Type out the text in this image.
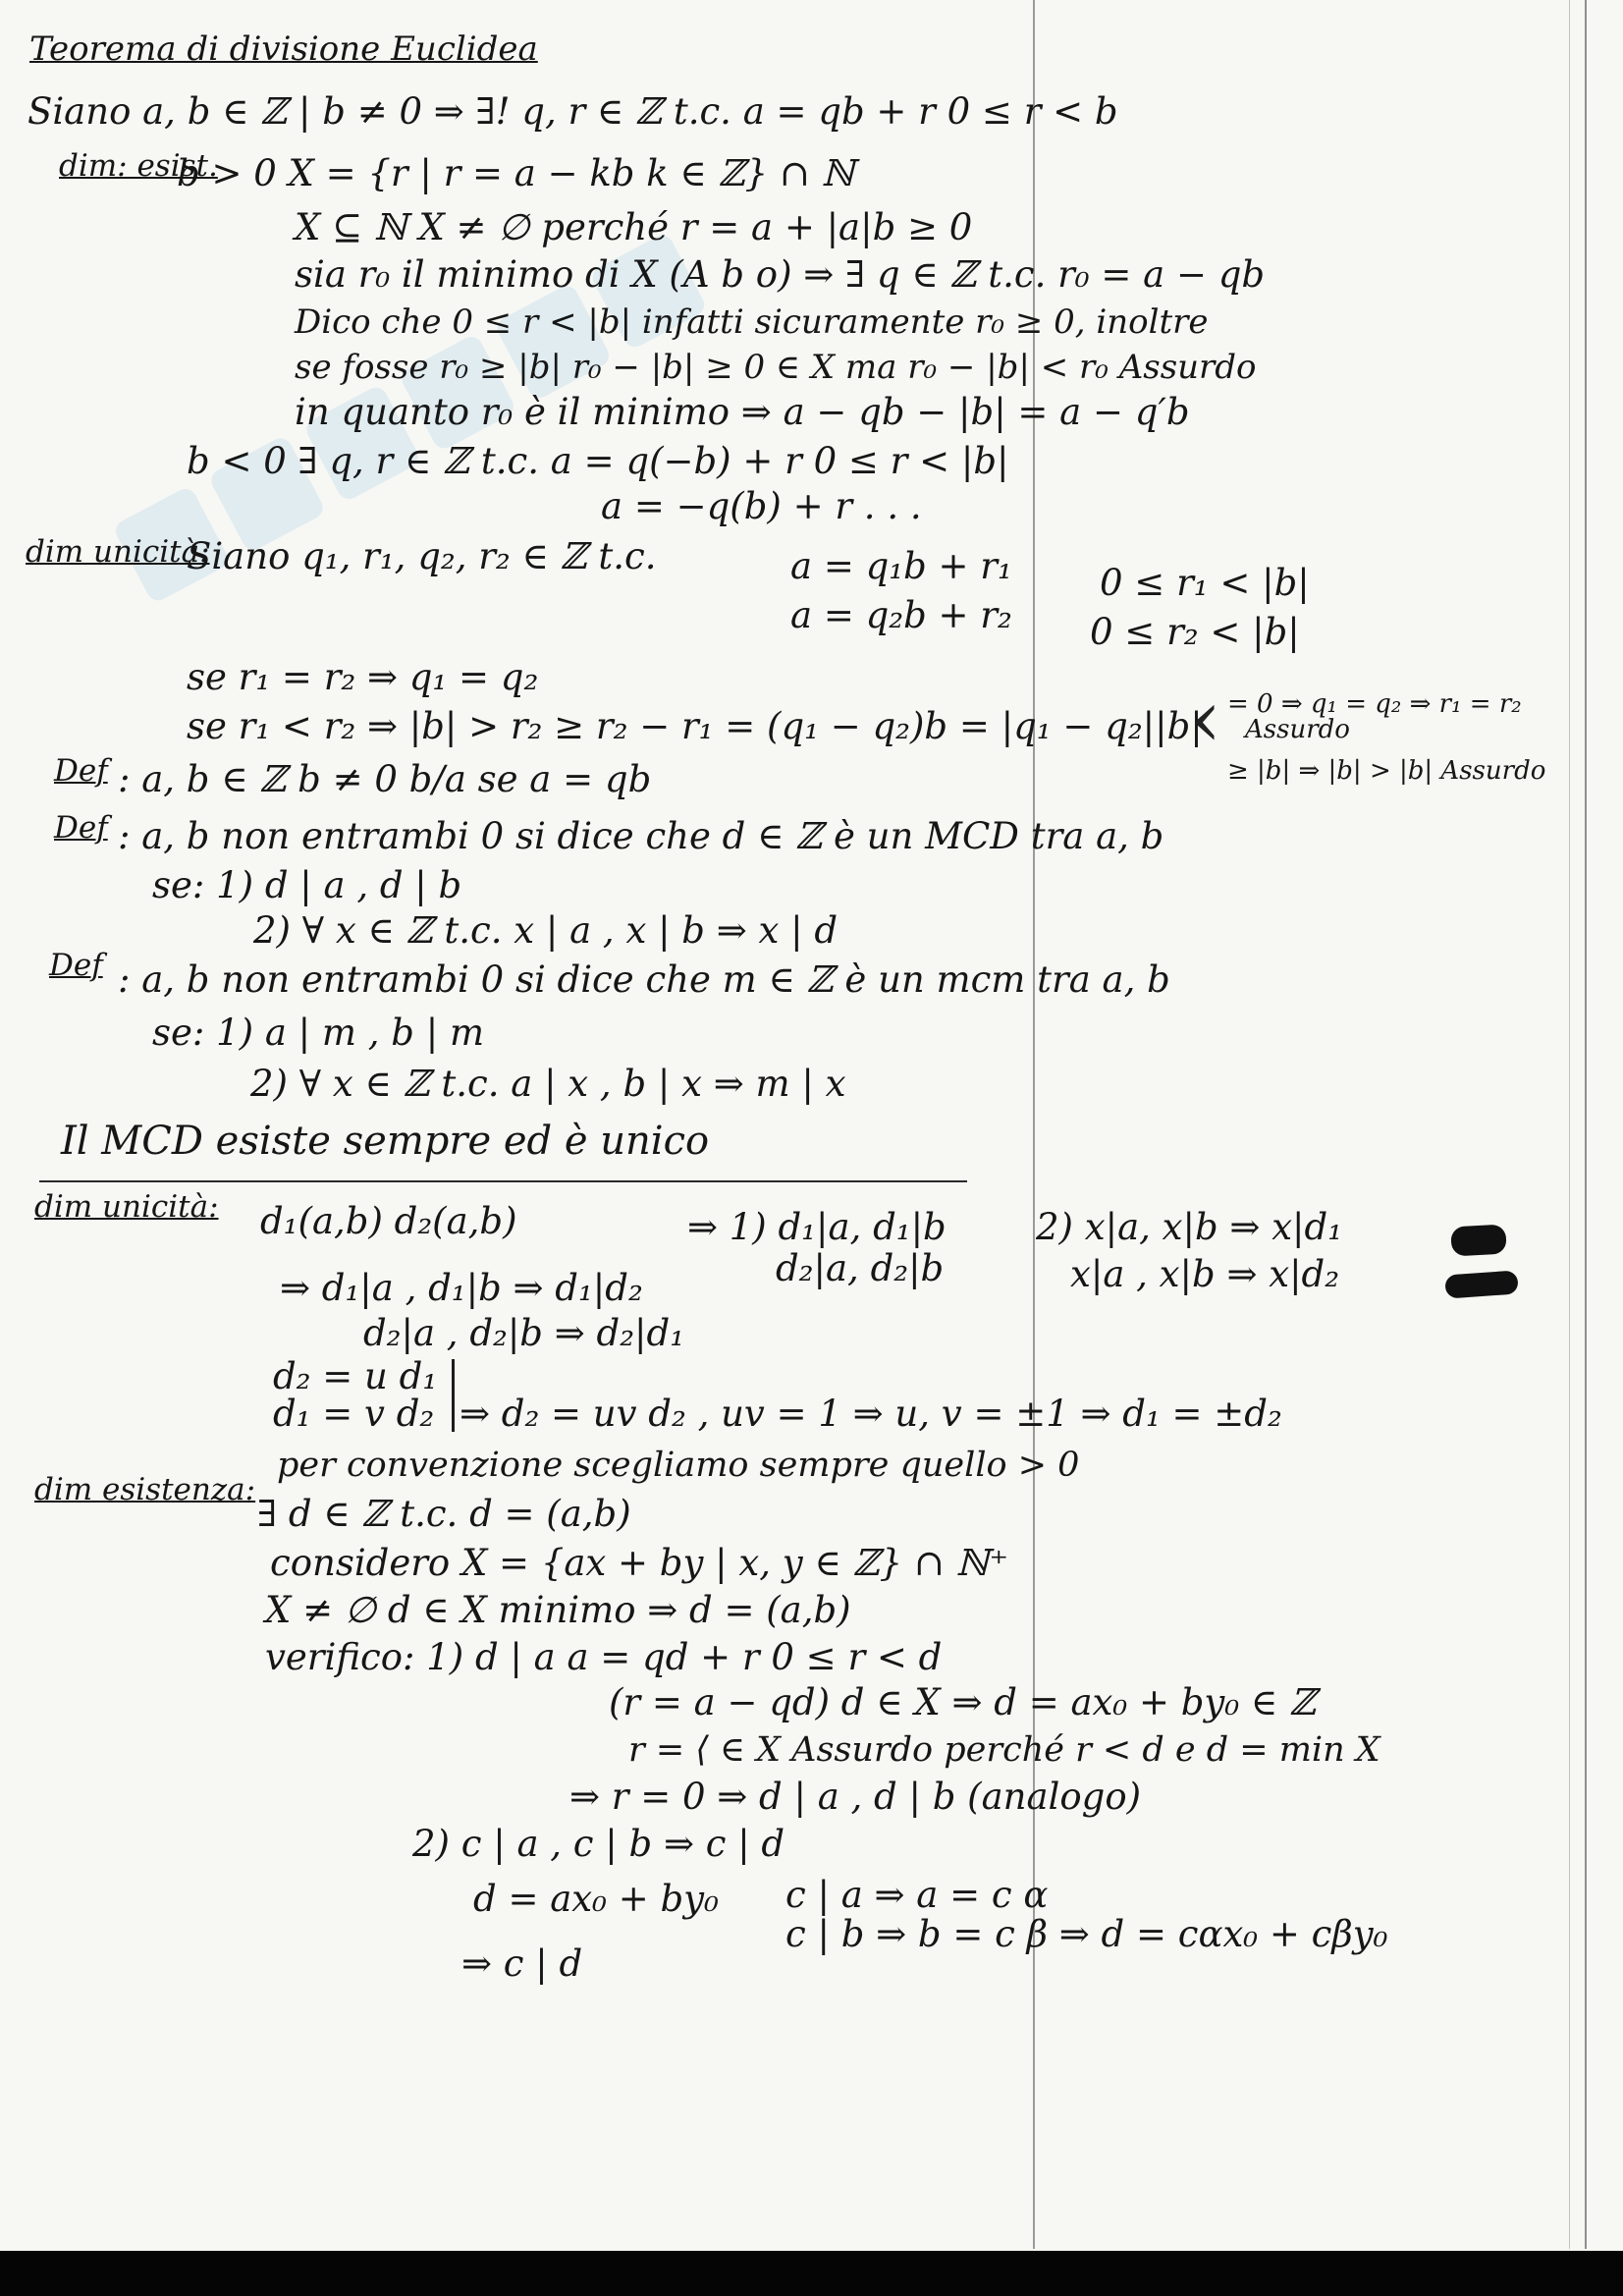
Teorema di divisione Euclidea
Siano a, b ∈ ℤ | b ≠ 0 ⇒ ∃! q, r ∈ ℤ t.c. a = qb + r 0 ≤ r < b
dim: esist.
b > 0 X = {r | r = a − kb k ∈ ℤ} ∩ ℕ
X ⊆ ℕ X ≠ ∅ perché r = a + |a|b ≥ 0
sia r₀ il minimo di X (A b o) ⇒ ∃ q ∈ ℤ t.c. r₀ = a − qb
Dico che 0 ≤ r < |b| infatti sicuramente r₀ ≥ 0, inoltre
se fosse r₀ ≥ |b| r₀ − |b| ≥ 0 ∈ X ma r₀ − |b| < r₀ Assurdo
in quanto r₀ è il minimo ⇒ a − qb − |b| = a − q′b
b < 0 ∃ q, r ∈ ℤ t.c. a = q(−b) + r 0 ≤ r < |b|
a = −q(b) + r . . .
dim unicità:
Siano q₁, r₁, q₂, r₂ ∈ ℤ t.c.	a = q₁b + r₁
a = q₂b + r₂
0 ≤ r₁ < |b|
0 ≤ r₂ < |b|
se r₁ = r₂ ⇒ q₁ = q₂
se r₁ < r₂ ⇒ |b| > r₂ ≥ r₂ − r₁ = (q₁ − q₂)b = |q₁ − q₂||b|
‹ = 0 ⇒ q₁ = q₂ ⇒ r₁ = r₂
Assurdo
≥ |b| ⇒ |b| > |b| Assurdo
Def : a, b ∈ ℤ b ≠ 0 b/a se a = qb
Def : a, b non entrambi 0 si dice che d ∈ ℤ è un MCD tra a, b
se: 1) d | a , d | b
2) ∀ x ∈ ℤ t.c. x | a , x | b ⇒ x | d
Def : a, b non entrambi 0 si dice che m ∈ ℤ è un mcm tra a, b
se: 1) a | m , b | m
2) ∀ x ∈ ℤ t.c. a | x , b | x ⇒ m | x
Il MCD esiste sempre ed è unico
dim unicità: d₁(a,b) d₂(a,b)	⇒ 1) d₁|a, d₁|b
d₂|a, d₂|b
2) x|a, x|b ⇒ x|d₁
x|a , x|b ⇒ x|d₂
⇒ d₁|a , d₁|b ⇒ d₁|d₂
d₂|a , d₂|b ⇒ d₂|d₁
d₂ = u d₁
d₁ = v d₂ ⇒ d₂ = uv d₂ , uv = 1 ⇒ u, v = ±1 ⇒ d₁ = ±d₂
per convenzione scegliamo sempre quello > 0
dim esistenza:
∃ d ∈ ℤ t.c. d = (a,b)
considero X = {ax + by | x, y ∈ ℤ} ∩ ℕ⁺
X ≠ ∅ d ∈ X minimo ⇒ d = (a,b)
verifico: 1) d | a a = qd + r 0 ≤ r < d
(r = a − qd) d ∈ X ⇒ d = ax₀ + by₀ ∈ ℤ
r = ⟨ ∈ X Assurdo perché r < d e d = min X
⇒ r = 0 ⇒ d | a , d | b (analogo)
2) c | a , c | b ⇒ c | d
d = ax₀ + by₀ c | a ⇒ a = c α
c | b ⇒ b = c β ⇒ d = cαx₀ + cβy₀
⇒ c | d
